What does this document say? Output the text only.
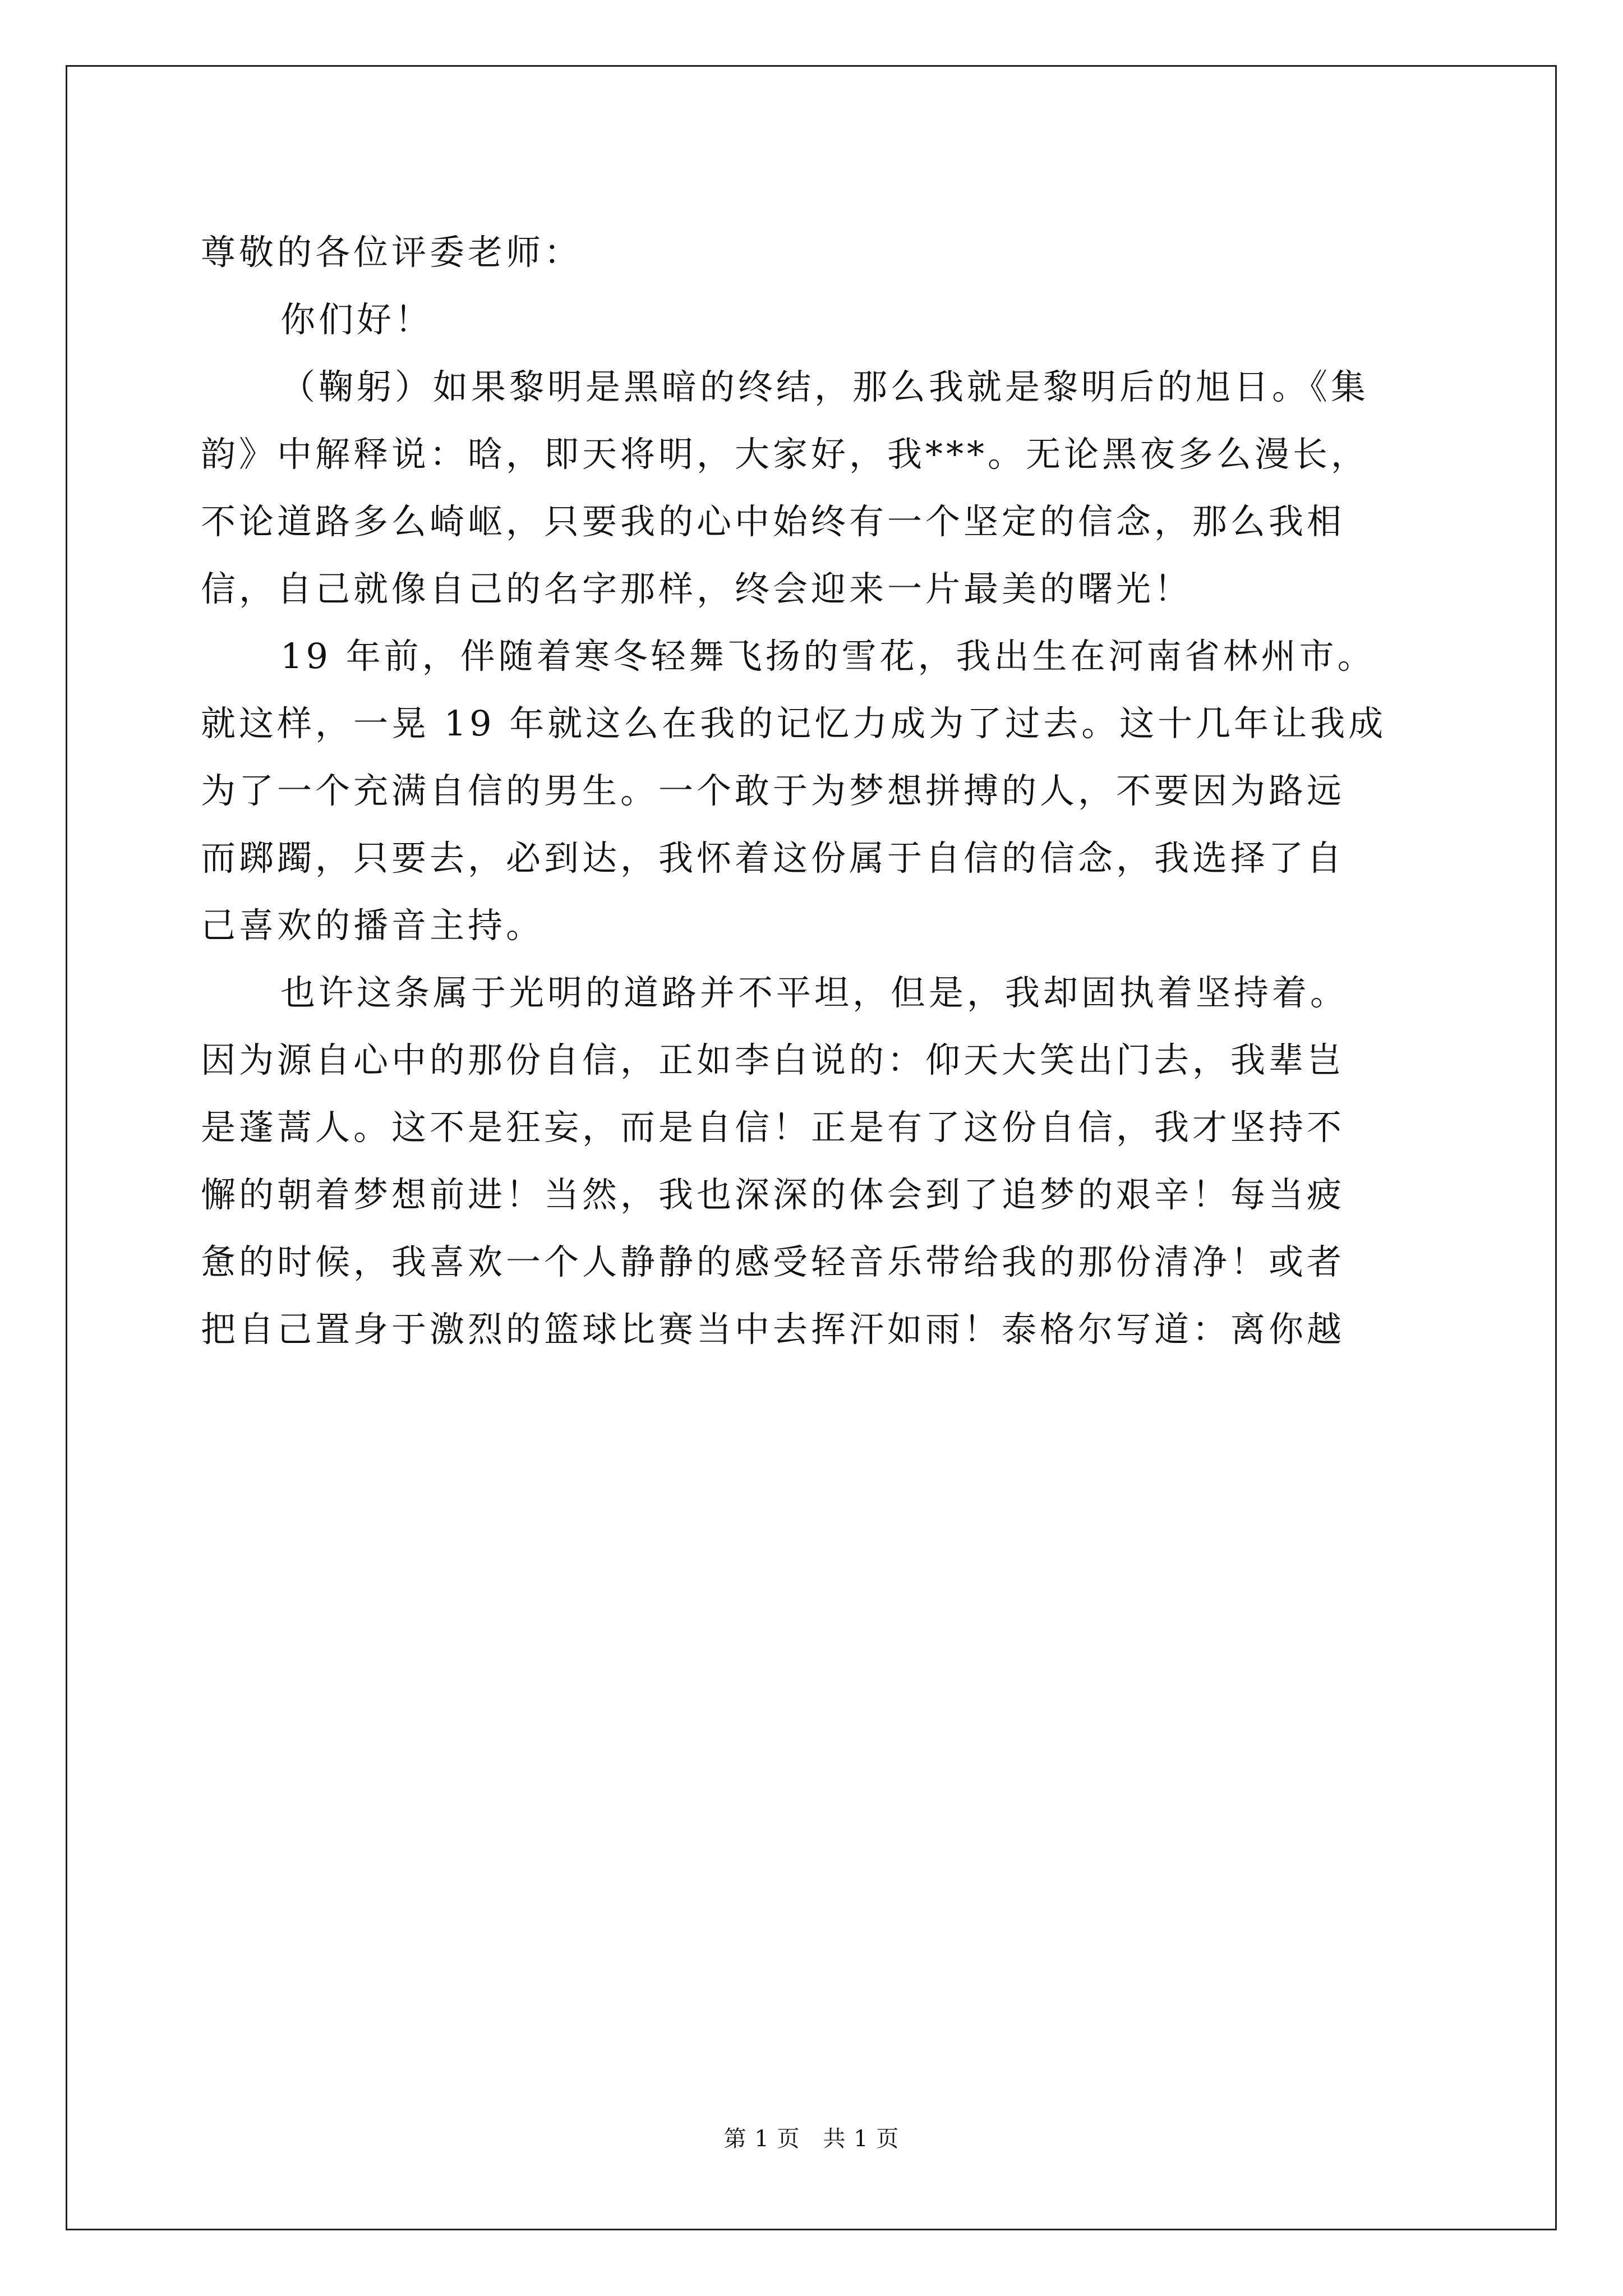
尊敬的各位评委老师：
你们好！
（鞠躬）如果黎明是黑暗的终结，那么我就是黎明后的旭日。《集
韵》中解释说：晗，即天将明，大家好，我***。无论黑夜多么漫长，
不论道路多么崎岖，只要我的心中始终有一个坚定的信念，那么我相
信，自己就像自己的名字那样，终会迎来一片最美的曙光！
19 年前，伴随着寒冬轻舞飞扬的雪花，我出生在河南省林州市。
就这样，一晃 19 年就这么在我的记忆力成为了过去。这十几年让我成
为了一个充满自信的男生。一个敢于为梦想拼搏的人，不要因为路远
而踯躅，只要去，必到达，我怀着这份属于自信的信念，我选择了自
己喜欢的播音主持。
也许这条属于光明的道路并不平坦，但是，我却固执着坚持着。
因为源自心中的那份自信，正如李白说的：仰天大笑出门去，我辈岂
是蓬蒿人。这不是狂妄，而是自信！正是有了这份自信，我才坚持不
懈的朝着梦想前进！当然，我也深深的体会到了追梦的艰辛！每当疲
惫的时候，我喜欢一个人静静的感受轻音乐带给我的那份清净！或者
把自己置身于激烈的篮球比赛当中去挥汗如雨！泰格尔写道：离你越
第 1 页　共 1 页
